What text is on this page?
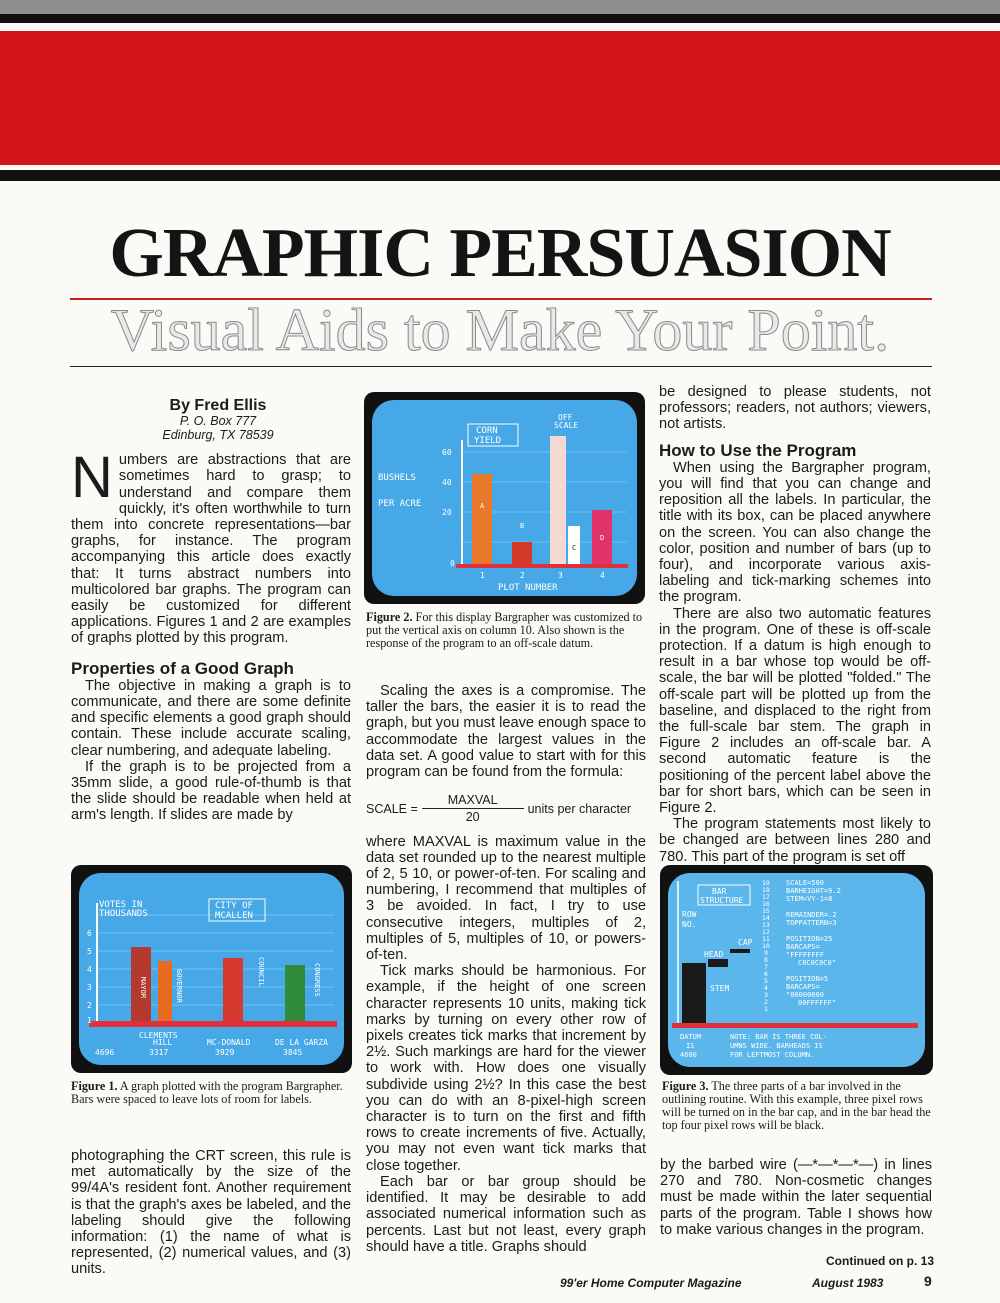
GRAPHIC PERSUASION
Visual Aids to Make Your Point.

By Fred Ellis

P. O. Box 777

Edinburg, TX 78539

Numbers are abstractions that are sometimes hard to grasp; to understand and compare them quickly, it's often worthwhile to turn them into concrete representations—bar graphs, for instance. The program accompanying this article does exactly that: It turns abstract numbers into multicolored bar graphs. The program can easily be customized for different applications. Figures 1 and 2 are examples of graphs plotted by this program.

Properties of a Good Graph

The objective in making a graph is to communicate, and there are some definite and specific elements a good graph should contain. These include accurate scaling, clear numbering, and adequate labeling.

If the graph is to be projected from a 35mm slide, a good rule-of-thumb is that the slide should be readable when held at arm's length. If slides are made by

VOTES IN
THOUSANDS
CITY OF
MCALLEN
6
5
4
3
2
1
CLEMENTS
4696
HILL
3317
MC-DONALD
3929
DE LA GARZA
3845
GOVERNOR
MAYOR
COUNCIL	CONGRESS
Figure 1. A graph plotted with the program Bargrapher. Bars were spaced to leave lots of room for labels.

photographing the CRT screen, this rule is met automatically by the size of the 99/4A's resident font. Another requirement is that the graph's axes be labeled, and the labeling should give the following information: (1) the name of what is represented, (2) numerical values, and (3) units.

CORN
YIELD
OFF
SCALE
BUSHELS
PER ACRE
60
40
20
0
A
B
C
D
1	2	3	4
PLOT NUMBER
Figure 2. For this display Bargrapher was customized to put the vertical axis on column 10. Also shown is the response of the program to an off-scale datum.

Scaling the axes is a compromise. The taller the bars, the easier it is to read the graph, but you must leave enough space to accommodate the largest values in the data set. A good value to start with for this program can be found from the formula:

SCALE = $\frac{\text{MAXVAL}}{20}$ units per character

where MAXVAL is maximum value in the data set rounded up to the nearest multiple of 2, 5 10, or power-of-ten. For scaling and numbering, I recommend that multiples of 3 be avoided. In fact, I try to use consecutive integers, multiples of 2, multiples of 5, multiples of 10, or powers-of-ten.

Tick marks should be harmonious. For example, if the height of one screen character represents 10 units, making tick marks by turning on every other row of pixels creates tick marks that increment by 2½. Such markings are hard for the viewer to work with. How does one visually subdivide using 2½? In this case the best you can do with an 8-pixel-high screen character is to turn on the first and fifth rows to create increments of five. Actually, you may not even want tick marks that close together.

Each bar or bar group should be identified. It may be desirable to add associated numerical information such as percents. Last but not least, every graph should have a title. Graphs should

be designed to please students, not professors; readers, not authors; viewers, not artists.

How to Use the Program

When using the Bargrapher program, you will find that you can change and reposition all the labels. In particular, the title with its box, can be placed anywhere on the screen. You can also change the color, position and number of bars (up to four), and incorporate various axis-labeling and tick-marking schemes into the program.

There are also two automatic features in the program. One of these is off-scale protection. If a datum is high enough to result in a bar whose top would be off-scale, the bar will be plotted "folded." The off-scale part will be plotted up from the baseline, and displaced to the right from the full-scale bar stem. The graph in Figure 2 includes an off-scale bar. A second automatic feature is the positioning of the percent label above the bar for short bars, which can be seen in Figure 2.

The program statements most likely to be changed are between lines 280 and 780. This part of the program is set off

19
18
17
16
15
14
13
12
11
10
9
8
7
6
5
4
3
2
1
BAR
STRUCTURE
ROW
NO.
CAP
HEAD
STEM
SCALE=500
BARHEIGHT=9.2
STEM=VY-1=8
REMAINDER=.2
TOPPATTERN=3
POSITION=25
BARCAPS=
"FFFFFFFF
C0C0C0C0"
POSITION=5
BARCAPS=
"00000000
00FFFFFF"
DATUM
IS
4600
NOTE: BAR IS THREE COL-
UMNS WIDE. BARHEADS IS
FOR LEFTMOST COLUMN.
Figure 3. The three parts of a bar involved in the outlining routine. With this example, three pixel rows will be turned on in the bar cap, and in the bar head the top four pixel rows will be black.

by the barbed wire (—*—*—*—) in lines 270 and 780. Non-cosmetic changes must be made within the later sequential parts of the program. Table I shows how to make various changes in the program.

Continued on p. 13
99'er Home Computer Magazine	August 1983	9
